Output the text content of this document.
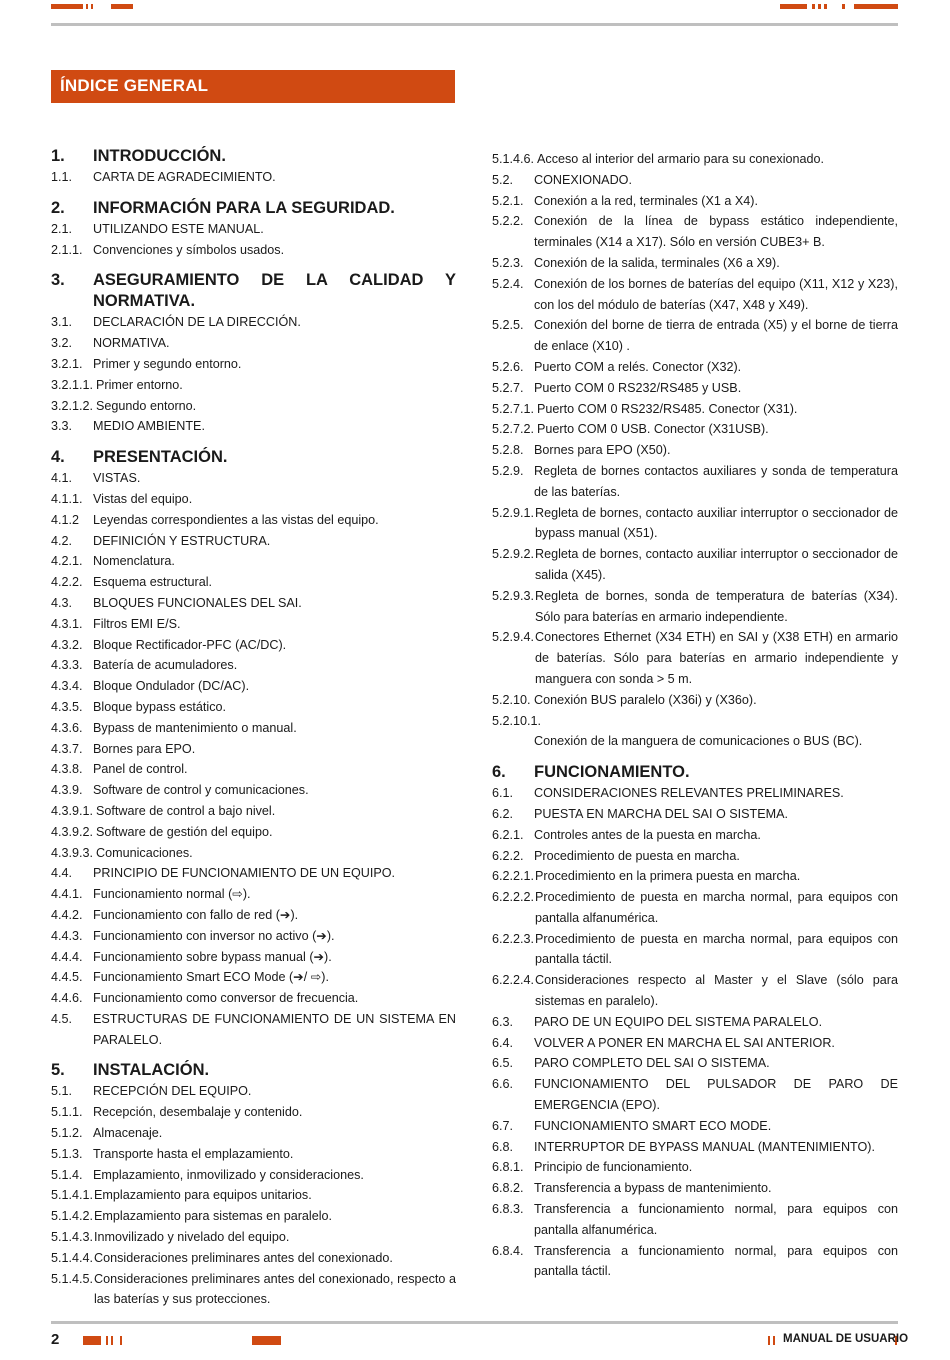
ÍNDICE GENERAL
1.	INTRODUCCIÓN.
1.1.	CARTA DE AGRADECIMIENTO.
2.	INFORMACIÓN PARA LA SEGURIDAD.
2.1.	UTILIZANDO ESTE MANUAL.
2.1.1. Convenciones y símbolos usados.
3.	ASEGURAMIENTO DE LA CALIDAD Y NORMATIVA.
3.1.	DECLARACIÓN DE LA DIRECCIÓN.
3.2.	NORMATIVA.
3.2.1. Primer y segundo entorno.
3.2.1.1. Primer entorno.
3.2.1.2. Segundo entorno.
3.3.	MEDIO AMBIENTE.
4.	PRESENTACIÓN.
4.1.	VISTAS.
4.1.1. Vistas del equipo.
4.1.2	Leyendas correspondientes a las vistas del equipo.
4.2.	DEFINICIÓN Y ESTRUCTURA.
4.2.1. Nomenclatura.
4.2.2. Esquema estructural.
4.3.	BLOQUES FUNCIONALES DEL SAI.
4.3.1. Filtros EMI E/S.
4.3.2. Bloque Rectificador-PFC (AC/DC).
4.3.3. Batería de acumuladores.
4.3.4. Bloque Ondulador (DC/AC).
4.3.5. Bloque bypass estático.
4.3.6. Bypass de mantenimiento o manual.
4.3.7. Bornes para EPO.
4.3.8. Panel de control.
4.3.9. Software de control y comunicaciones.
4.3.9.1. Software de control a bajo nivel.
4.3.9.2. Software de gestión del equipo.
4.3.9.3. Comunicaciones.
4.4.	PRINCIPIO DE FUNCIONAMIENTO DE UN EQUIPO.
4.4.1. Funcionamiento normal (⇨).
4.4.2. Funcionamiento con fallo de red (➔).
4.4.3. Funcionamiento con inversor no activo (➔).
4.4.4. Funcionamiento sobre bypass manual (➔).
4.4.5. Funcionamiento Smart ECO Mode (➔/ ⇨).
4.4.6. Funcionamiento como conversor de frecuencia.
4.5.	ESTRUCTURAS DE FUNCIONAMIENTO DE UN SISTEMA EN PARALELO.
5.	INSTALACIÓN.
5.1.	RECEPCIÓN DEL EQUIPO.
5.1.1. Recepción, desembalaje y contenido.
5.1.2. Almacenaje.
5.1.3. Transporte hasta el emplazamiento.
5.1.4. Emplazamiento, inmovilizado y consideraciones.
5.1.4.1. Emplazamiento para equipos unitarios.
5.1.4.2. Emplazamiento para sistemas en paralelo.
5.1.4.3. Inmovilizado y nivelado del equipo.
5.1.4.4. Consideraciones preliminares antes del conexionado.
5.1.4.5. Consideraciones preliminares antes del conexionado, respecto a las baterías y sus protecciones.
5.1.4.6. Acceso al interior del armario para su conexionado.
5.2.	CONEXIONADO.
5.2.1. Conexión a la red, terminales (X1 a X4).
5.2.2. Conexión de la línea de bypass estático independiente, terminales (X14 a X17). Sólo en versión CUBE3+ B.
5.2.3. Conexión de la salida, terminales (X6 a X9).
5.2.4. Conexión de los bornes de baterías del equipo (X11, X12 y X23), con los del módulo de baterías (X47, X48 y X49).
5.2.5. Conexión del borne de tierra de entrada (X5) y el borne de tierra de enlace (X10) .
5.2.6. Puerto COM a relés. Conector (X32).
5.2.7. Puerto COM 0 RS232/RS485 y USB.
5.2.7.1. Puerto COM 0 RS232/RS485. Conector (X31).
5.2.7.2. Puerto COM 0 USB. Conector (X31USB).
5.2.8. Bornes para EPO (X50).
5.2.9. Regleta de bornes contactos auxiliares y sonda de temperatura de las baterías.
5.2.9.1. Regleta de bornes, contacto auxiliar interruptor o seccionador de bypass manual (X51).
5.2.9.2. Regleta de bornes, contacto auxiliar interruptor o seccionador de salida (X45).
5.2.9.3. Regleta de bornes, sonda de temperatura de baterías (X34). Sólo para baterías en armario independiente.
5.2.9.4. Conectores Ethernet (X34 ETH) en SAI y (X38 ETH) en armario de baterías. Sólo para baterías en armario independiente y manguera con sonda > 5 m.
5.2.10. Conexión BUS paralelo (X36i) y (X36o).
5.2.10.1.
Conexión de la manguera de comunicaciones o BUS (BC).
6.	FUNCIONAMIENTO.
6.1.	CONSIDERACIONES RELEVANTES PRELIMINARES.
6.2.	PUESTA EN MARCHA DEL SAI O SISTEMA.
6.2.1. Controles antes de la puesta en marcha.
6.2.2. Procedimiento de puesta en marcha.
6.2.2.1. Procedimiento en la primera puesta en marcha.
6.2.2.2. Procedimiento de puesta en marcha normal, para equipos con pantalla alfanumérica.
6.2.2.3. Procedimiento de puesta en marcha normal, para equipos con pantalla táctil.
6.2.2.4. Consideraciones respecto al Master y el Slave (sólo para sistemas en paralelo).
6.3.	PARO DE UN EQUIPO DEL SISTEMA PARALELO.
6.4.	VOLVER A PONER EN MARCHA EL SAI ANTERIOR.
6.5.	PARO COMPLETO DEL SAI O SISTEMA.
6.6.	FUNCIONAMIENTO DEL PULSADOR DE PARO DE EMERGENCIA (EPO).
6.7.	FUNCIONAMIENTO SMART ECO MODE.
6.8.	INTERRUPTOR DE BYPASS MANUAL (MANTENIMIENTO).
6.8.1. Principio de funcionamiento.
6.8.2. Transferencia a bypass de mantenimiento.
6.8.3. Transferencia a funcionamiento normal, para equipos con pantalla alfanumérica.
6.8.4. Transferencia a funcionamiento normal, para equipos con pantalla táctil.
2	MANUAL DE USUARIO
